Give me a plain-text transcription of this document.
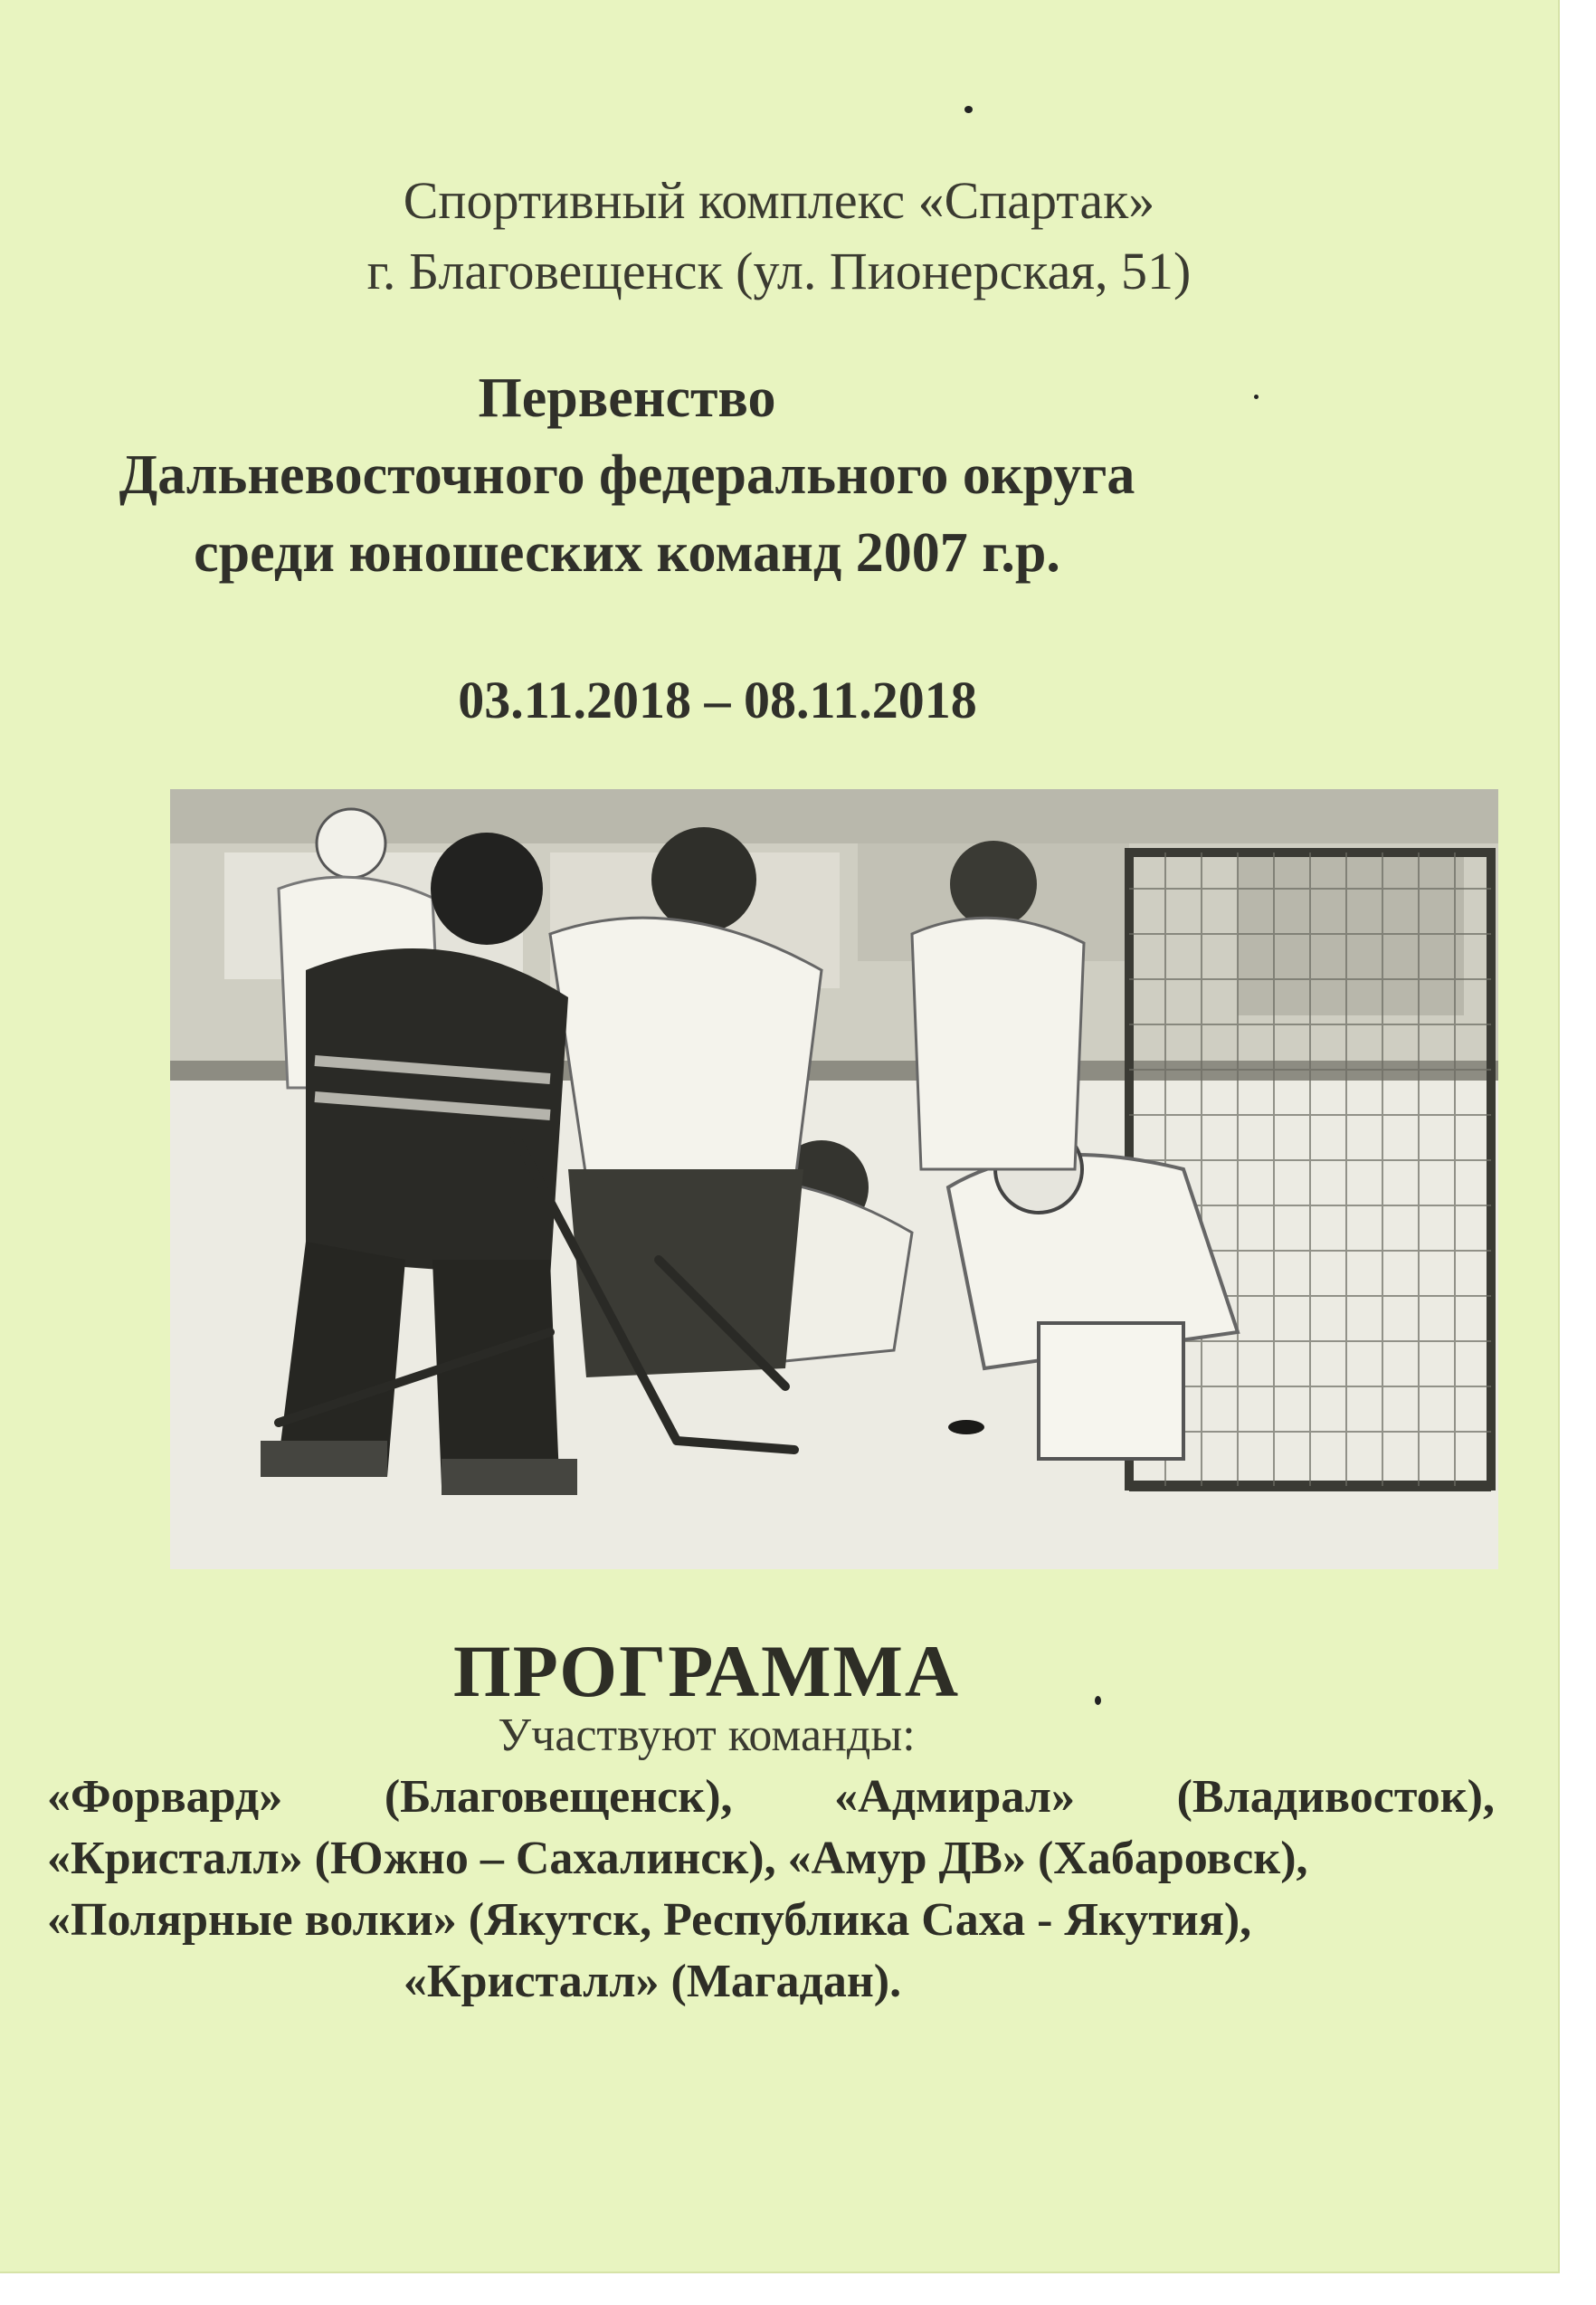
Спортивный комплекс «Спартак»
г. Благовещенск (ул. Пионерская, 51)
Первенство
Дальневосточного федерального округа
среди юношеских команд 2007 г.р.
03.11.2018 – 08.11.2018
ПРОГРАММА
Участвуют команды:
«Форвард» (Благовещенск), «Адмирал» (Владивосток),
«Кристалл» (Южно – Сахалинск), «Амур ДВ» (Хабаровск),
«Полярные волки» (Якутск, Республика Саха - Якутия),
«Кристалл» (Магадан).
